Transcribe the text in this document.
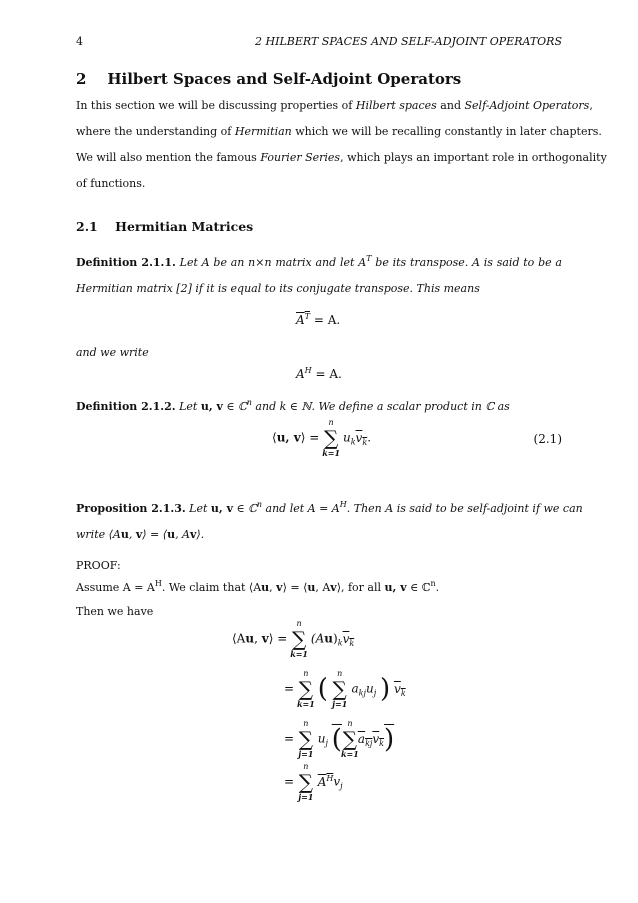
4	2 HILBERT SPACES AND SELF-ADJOINT OPERATORS
2 Hilbert Spaces and Self-Adjoint Operators
In this section we will be discussing properties of Hilbert spaces and Self-Adjoint Operators,
where the understanding of Hermitian which we will be recalling constantly in later chapters.
We will also mention the famous Fourier Series, which plays an important role in orthogonality
of functions.
2.1 Hermitian Matrices
Definition 2.1.1. Let A be an n×n matrix and let $A^T$ be its transpose. A is said to be a
Hermitian matrix [2] if it is equal to its conjugate transpose. This means
$A^T = A$.
and we write
$A^H = A$.
Definition 2.1.2. Let u, v ∈ ℂ$^n$ and k ∈ ℕ. We define a scalar product in ℂ as
⟨u, v⟩ = ∑
n
k=1
$u_kv_k$.	(2.1)
Proposition 2.1.3. Let u, v ∈ ℂ$^n$ and let $A = A^H$. Then A is said to be self-adjoint if we can
write ⟨Au, v⟩ = ⟨u, Av⟩.
PROOF:
Assume $A = A^H$. We claim that ⟨Au, v⟩ = ⟨u, Av⟩, for all u, v ∈ ℂ$^n$.
Then we have
⟨Au, v⟩ = ∑
n
k=1
$(Au)_kv_k$
= ∑
n
k=1 ( ∑
n
j=1
$a_{kj}u_j$ ) $v_k$
= ∑
n
j=1
$u_j$ (∑
n
k=1
$a_{kj}v_k$)
= ∑
n
j=1
$A^Hv_j$
